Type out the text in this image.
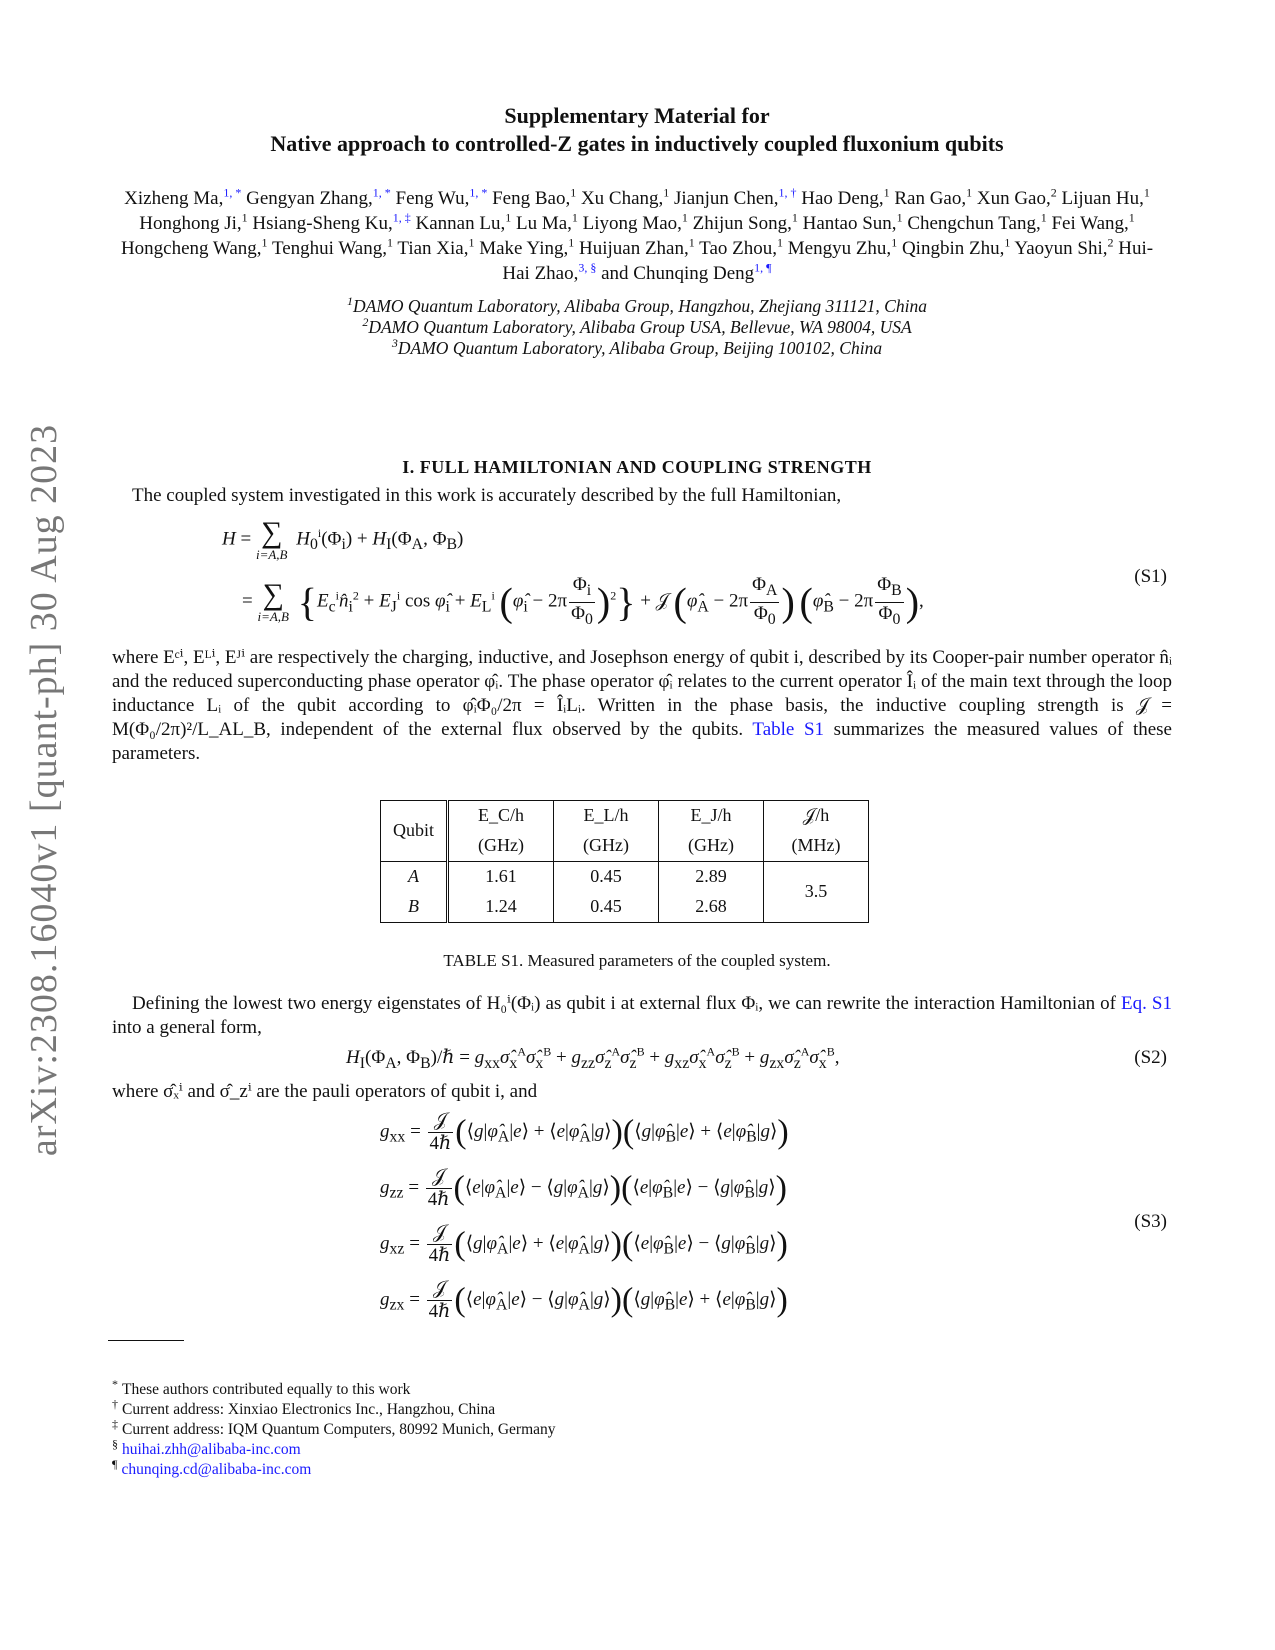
arXiv:2308.16040v1 [quant-ph] 30 Aug 2023
Supplementary Material for
Native approach to controlled-Z gates in inductively coupled fluxonium qubits
Xizheng Ma,$^{1, *}$ Gengyan Zhang,$^{1, *}$ Feng Wu,$^{1, *}$ Feng Bao,$^1$ Xu Chang,$^1$ Jianjun Chen,$^{1, \dagger}$ Hao Deng,$^1$ Ran Gao,$^1$ Xun Gao,$^2$ Lijuan Hu,$^1$ Honghong Ji,$^1$ Hsiang-Sheng Ku,$^{1, \ddagger}$ Kannan Lu,$^1$ Lu Ma,$^1$ Liyong Mao,$^1$ Zhijun Song,$^1$ Hantao Sun,$^1$ Chengchun Tang,$^1$ Fei Wang,$^1$ Hongcheng Wang,$^1$ Tenghui Wang,$^1$ Tian Xia,$^1$ Make Ying,$^1$ Huijuan Zhan,$^1$ Tao Zhou,$^1$ Mengyu Zhu,$^1$ Qingbin Zhu,$^1$ Yaoyun Shi,$^2$ Hui-Hai Zhao,$^{3, \S}$ and Chunqing Deng$^{1, \P}$
$^1$DAMO Quantum Laboratory, Alibaba Group, Hangzhou, Zhejiang 311121, China
$^2$DAMO Quantum Laboratory, Alibaba Group USA, Bellevue, WA 98004, USA
$^3$DAMO Quantum Laboratory, Alibaba Group, Beijing 100102, China
I. FULL HAMILTONIAN AND COUPLING STRENGTH
The coupled system investigated in this work is accurately described by the full Hamiltonian,
H = ∑
i=A,B
$H_0^i(\Phi_i) + H_I(\Phi_A$, $\Phi_B$)
= ∑
i=A,B {$E_c^in̂_i^2 + E_J^i$ $\cos \varphî_i + E_L^i$ $(\varphî_i - 2\pi \frac{\Phi_i}{\Phi_0} )^2$} + 𝒥 ($\varphî_A - 2\pi \frac{\Phi_A}{\Phi_0}$ ) ($\varphî_B - 2\pi \frac{\Phi_B}{\Phi_0}$ ),
(S1)
where Eᶜⁱ, Eᴸⁱ, Eᴶⁱ are respectively the charging, inductive, and Josephson energy of qubit i, described by its Cooper-pair number operator n̂ᵢ and the reduced superconducting phase operator φ̂ᵢ. The phase operator φ̂ᵢ relates to the current operator Îᵢ of the main text through the loop inductance Lᵢ of the qubit according to φ̂ᵢΦ₀/2π = ÎᵢLᵢ. Written in the phase basis, the inductive coupling strength is 𝒥 = M(Φ₀/2π)²/L_AL_B, independent of the external flux observed by the qubits. Table S1 summarizes the measured values of these parameters.
Qubit	E_C/h	E_L/h	E_J/h	𝒥/h
	(GHz)	(GHz)	(GHz)	(MHz)
A	1.61	0.45	2.89	3.5
B	1.24	0.45	2.68	
TABLE S1. Measured parameters of the coupled system.
Defining the lowest two energy eigenstates of H₀ⁱ(Φᵢ) as qubit i at external flux Φᵢ, we can rewrite the interaction Hamiltonian of Eq. S1 into a general form,
$H_I(\Phi_A$, $\Phi_B)/\hbar$ = $g_{xx}\sigmâ_x^A\sigmâ_x^B$ + $g_{zz}\sigmâ_z^A\sigmâ_z^B$ + $g_{xz}\sigmâ_x^A\sigmâ_z^B$ + $g_{zx}\sigmâ_z^A\sigmâ_x^B$,	(S2)
where σ̂ₓⁱ and σ̂_zⁱ are the pauli operators of qubit i, and
$g_{xx} = \frac{\text{𝒥}}{\text{4ℏ}}$ ($⟨g|\varphî_A|e⟩$ + $⟨e|\varphî_A|g⟩)(⟨g|\varphî_B|e⟩$ + $⟨e|\varphî_B|g⟩$)
$g_{zz} = \frac{\text{𝒥}}{\text{4ℏ}}$ ($⟨e|\varphî_A|e⟩$ − $⟨g|\varphî_A|g⟩)(⟨e|\varphî_B|e⟩$ − $⟨g|\varphî_B|g⟩$)
$g_{xz} = \frac{\text{𝒥}}{\text{4ℏ}}$ ($⟨g|\varphî_A|e⟩$ + $⟨e|\varphî_A|g⟩)(⟨e|\varphî_B|e⟩$ − $⟨g|\varphî_B|g⟩$)
$g_{zx} = \frac{\text{𝒥}}{\text{4ℏ}}$ ($⟨e|\varphî_A|e⟩$ − $⟨g|\varphî_A|g⟩)(⟨g|\varphî_B|e⟩$ + $⟨e|\varphî_B|g⟩$)
(S3)
* These authors contributed equally to this work
† Current address: Xinxiao Electronics Inc., Hangzhou, China
‡ Current address: IQM Quantum Computers, 80992 Munich, Germany
§ huihai.zhh@alibaba-inc.com
¶ chunqing.cd@alibaba-inc.com
